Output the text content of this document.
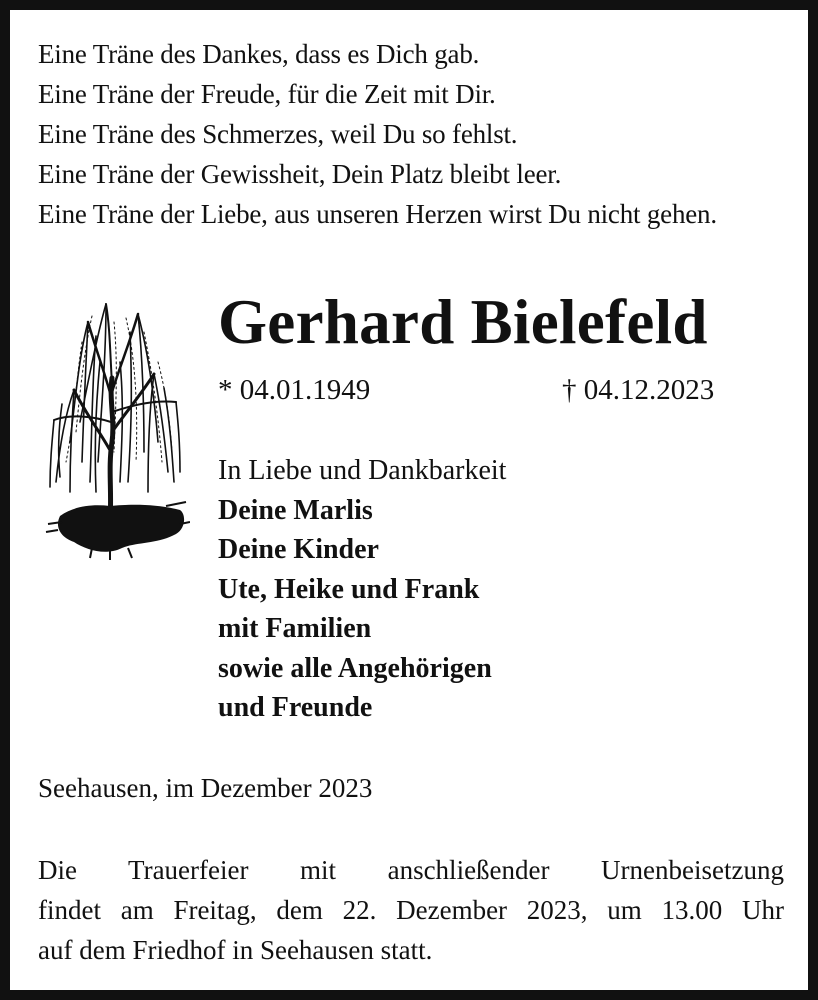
Eine Träne des Dankes, dass es Dich gab.
Eine Träne der Freude, für die Zeit mit Dir.
Eine Träne des Schmerzes, weil Du so fehlst.
Eine Träne der Gewissheit, Dein Platz bleibt leer.
Eine Träne der Liebe, aus unseren Herzen wirst Du nicht gehen.
Gerhard Bielefeld
* 04.01.1949	† 04.12.2023
In Liebe und Dankbarkeit
Deine Marlis
Deine Kinder
Ute, Heike und Frank
mit Familien
sowie alle Angehörigen
und Freunde
Seehausen, im Dezember 2023
Die Trauerfeier mit anschließender Urnenbeisetzung
findet am Freitag, dem 22. Dezember 2023, um 13.00 Uhr
auf dem Friedhof in Seehausen statt.
